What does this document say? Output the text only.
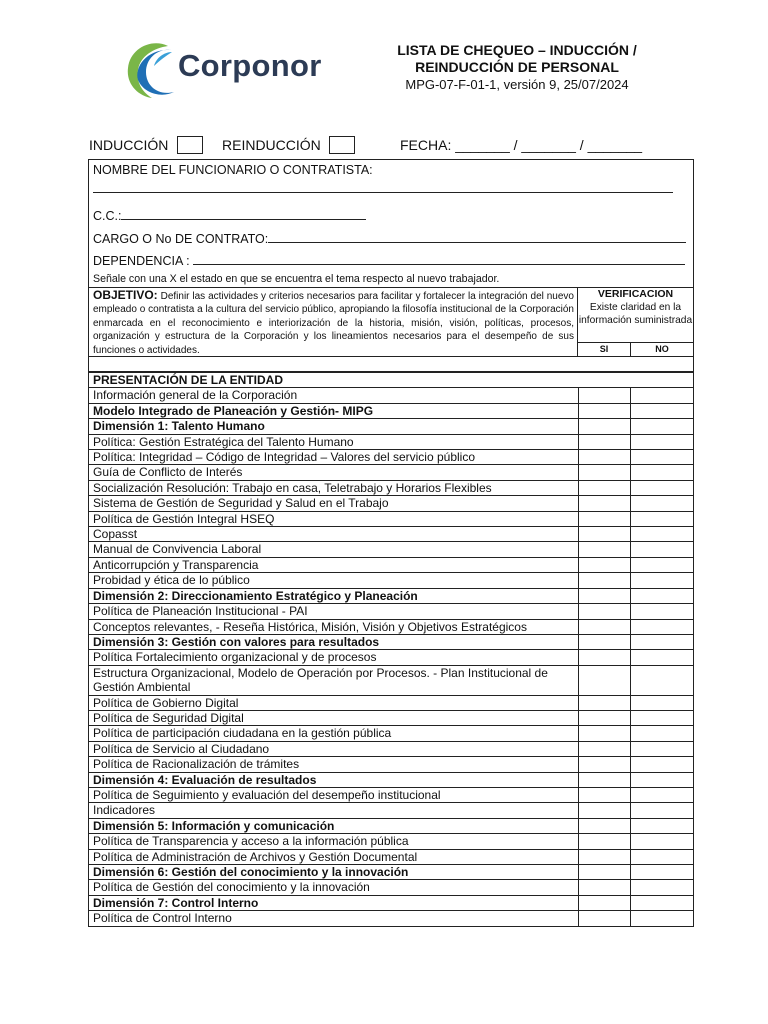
Corponor	LISTA DE CHEQUEO – INDUCCIÓN /
REINDUCCIÓN DE PERSONAL
MPG-07-F-01-1, versión 9, 25/07/2024
INDUCCIÓN	REINDUCCIÓN	FECHA: _______ / _______ / _______
NOMBRE DEL FUNCIONARIO O CONTRATISTA:
C.C.:
CARGO O No DE CONTRATO:
DEPENDENCIA :
Señale con una X el estado en que se encuentra el tema respecto al nuevo trabajador.
OBJETIVO: Definir las actividades y criterios necesarios para facilitar y fortalecer la integración del nuevo empleado o contratista a la cultura del servicio público, apropiando la filosofía institucional de la Corporación enmarcada en el reconocimiento e interiorización de la historia, misión, visión, políticas, procesos, organización y estructura de la Corporación y los lineamientos necesarios para el desempeño de sus funciones o actividades.
VERIFICACION
Existe claridad en la información suministrada
SI	NO
PRESENTACIÓN DE LA ENTIDAD		
Información general de la Corporación		
Modelo Integrado de Planeación y Gestión- MIPG		
Dimensión 1: Talento Humano		
Política: Gestión Estratégica del Talento Humano		
Política: Integridad – Código de Integridad – Valores del servicio público		
Guía de Conflicto de Interés		
Socialización Resolución: Trabajo en casa, Teletrabajo y Horarios Flexibles		
Sistema de Gestión de Seguridad y Salud en el Trabajo		
Política de Gestión Integral HSEQ		
Copasst		
Manual de Convivencia Laboral		
Anticorrupción y Transparencia		
Probidad y ética de lo público		
Dimensión 2: Direccionamiento Estratégico y Planeación		
Política de Planeación Institucional - PAI		
Conceptos relevantes, - Reseña Histórica, Misión, Visión y Objetivos Estratégicos		
Dimensión 3: Gestión con valores para resultados		
Política Fortalecimiento organizacional y de procesos		
Estructura Organizacional, Modelo de Operación por Procesos. - Plan Institucional de Gestión Ambiental		
Política de Gobierno Digital		
Política de Seguridad Digital		
Política de participación ciudadana en la gestión pública		
Política de Servicio al Ciudadano		
Política de Racionalización de trámites		
Dimensión 4: Evaluación de resultados		
Política de Seguimiento y evaluación del desempeño institucional		
Indicadores		
Dimensión 5: Información y comunicación		
Política de Transparencia y acceso a la información pública		
Política de Administración de Archivos y Gestión Documental		
Dimensión 6: Gestión del conocimiento y la innovación		
Política de Gestión del conocimiento y la innovación		
Dimensión 7: Control Interno		
Política de Control Interno		
